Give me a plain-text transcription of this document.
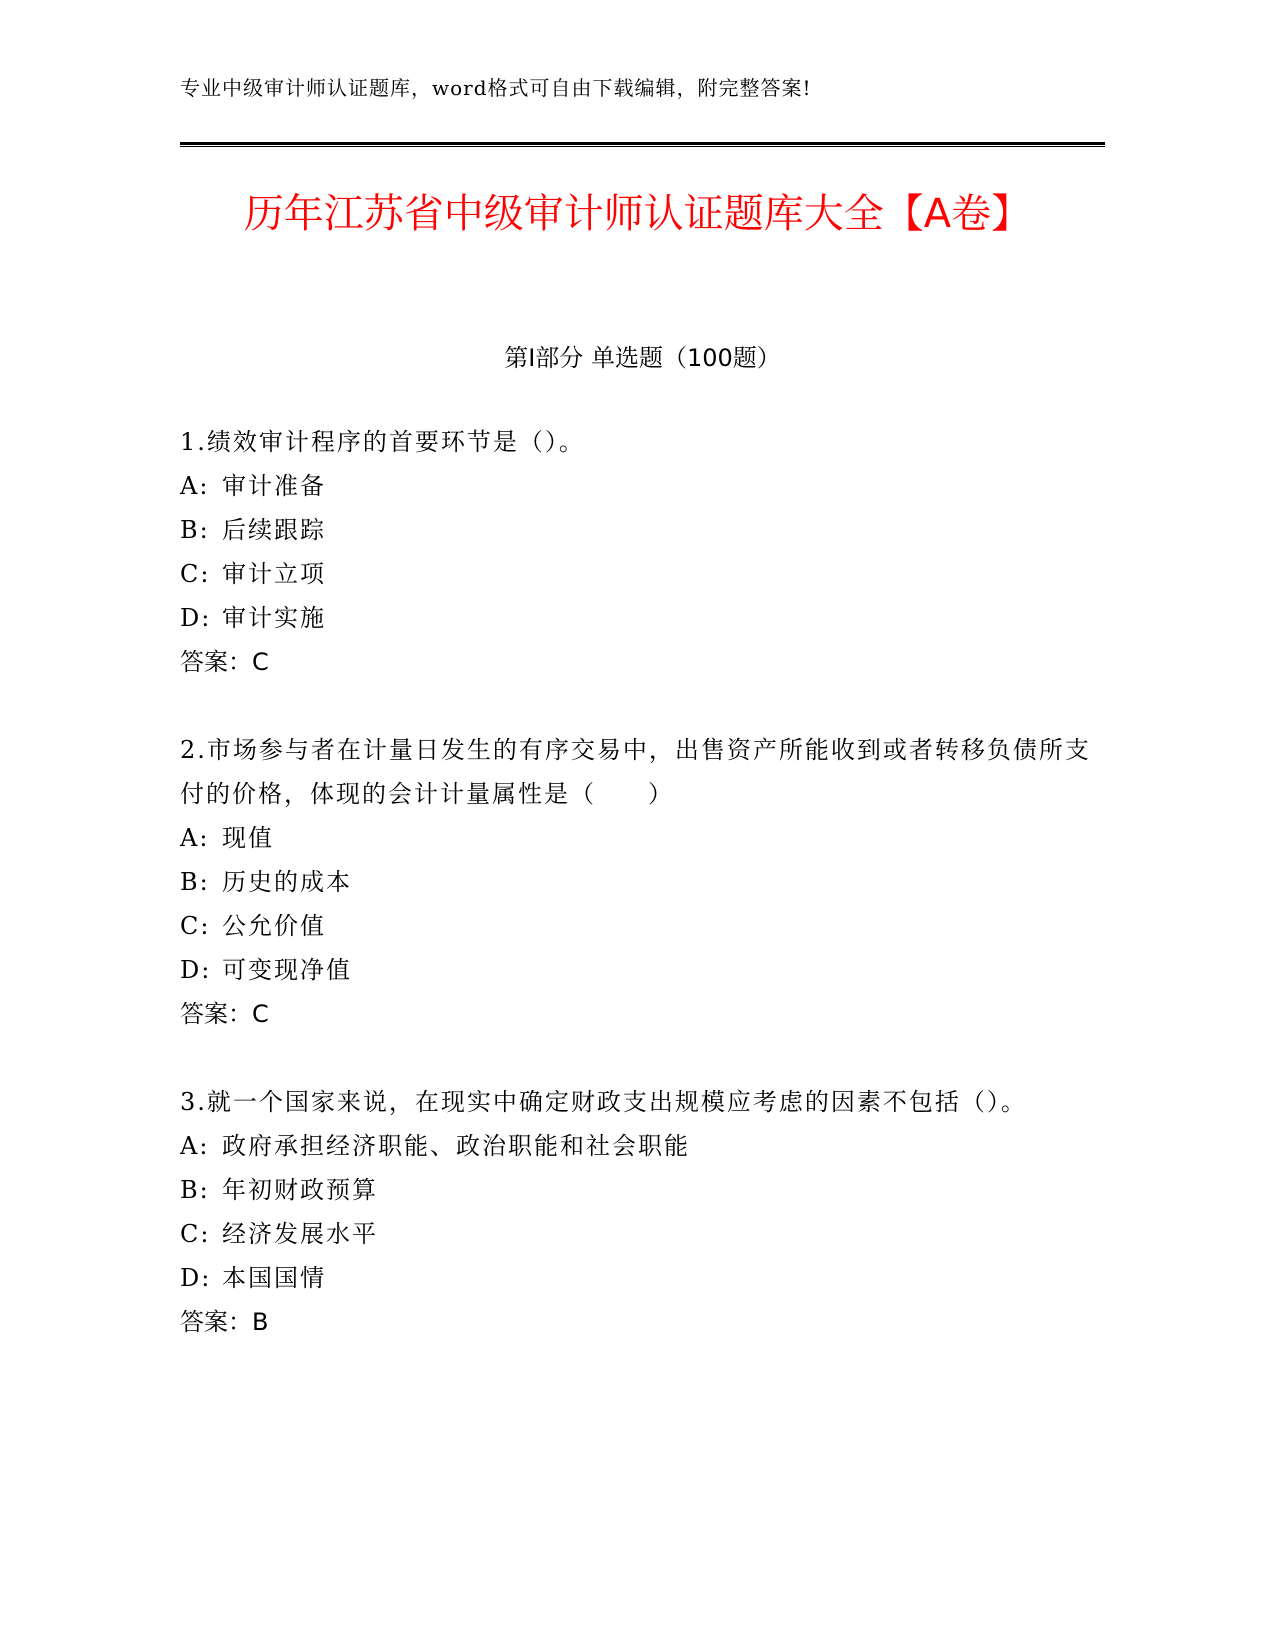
专业中级审计师认证题库，word格式可自由下载编辑，附完整答案!
历年江苏省中级审计师认证题库大全【A卷】
第I部分 单选题（100题）

1.绩效审计程序的首要环节是（）。

A: 审计准备

B: 后续跟踪

C: 审计立项

D: 审计实施

答案：C

2.市场参与者在计量日发生的有序交易中，出售资产所能收到或者转移负债所支付的价格，体现的会计计量属性是（　　）

A: 现值

B: 历史的成本

C: 公允价值

D: 可变现净值

答案：C

3.就一个国家来说，在现实中确定财政支出规模应考虑的因素不包括（）。

A: 政府承担经济职能、政治职能和社会职能

B: 年初财政预算

C: 经济发展水平

D: 本国国情

答案：B
